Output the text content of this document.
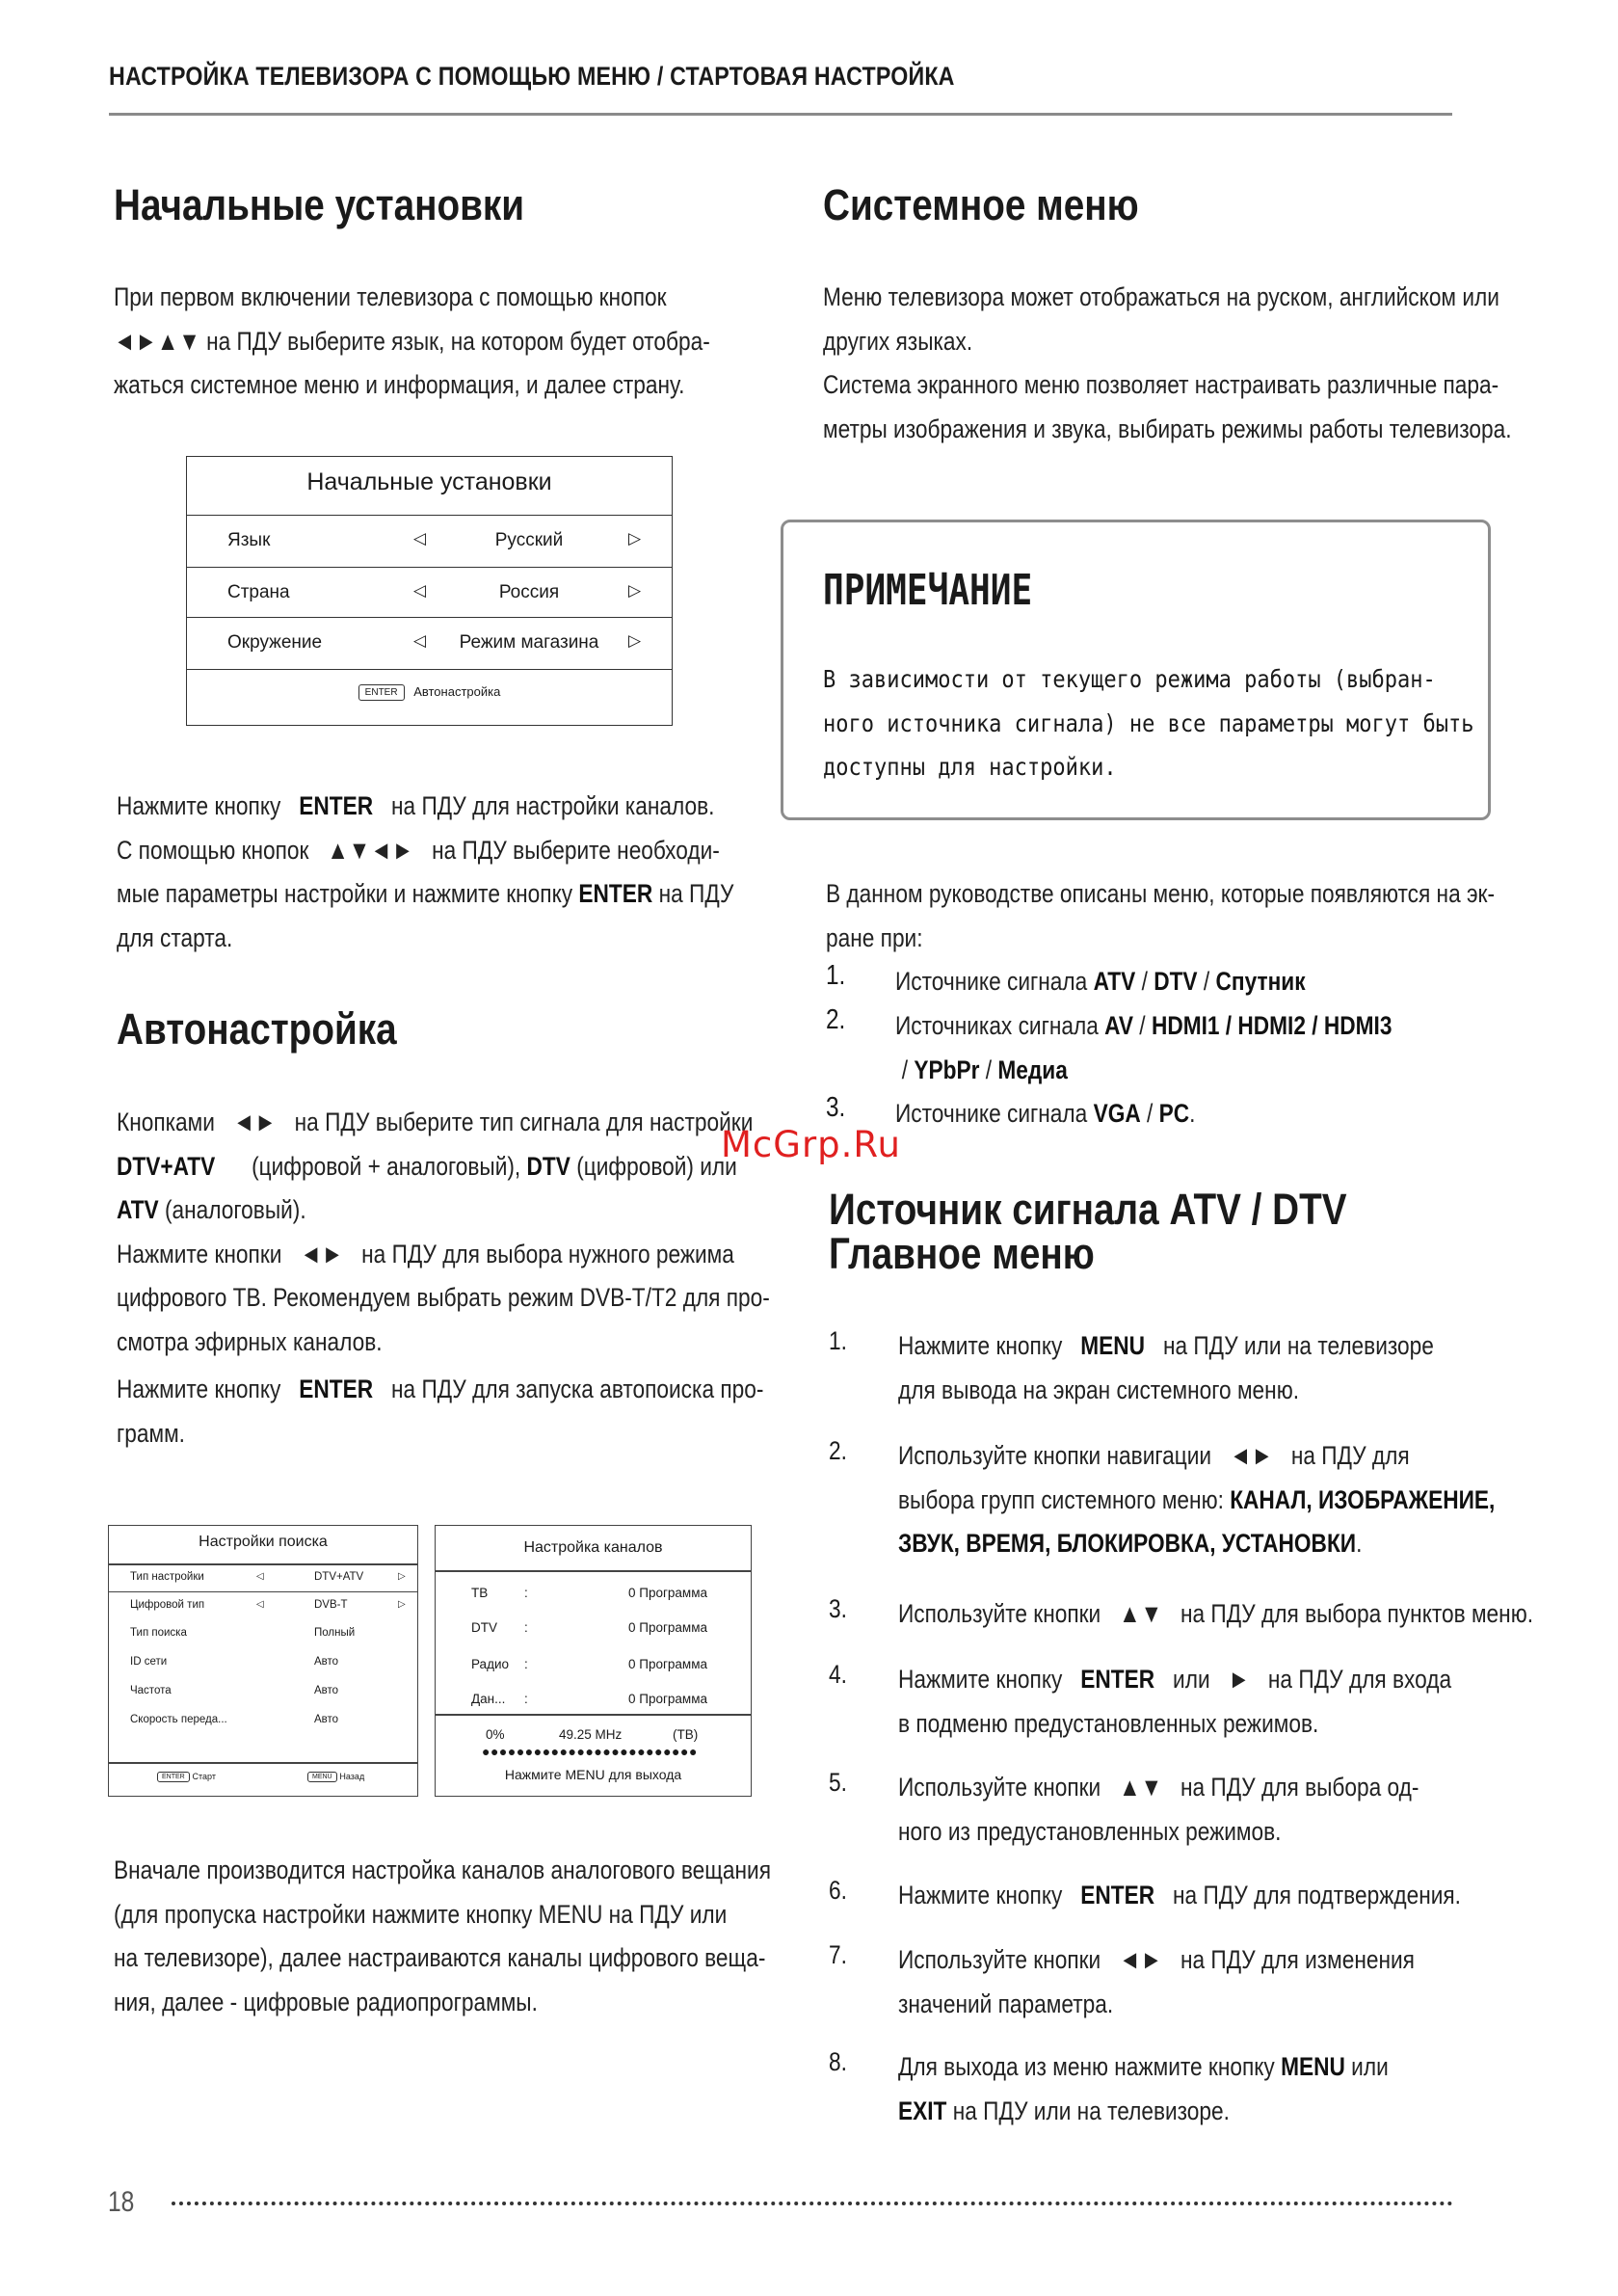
НАСТРОЙКА ТЕЛЕВИЗОРА С ПОМОЩЬЮ МЕНЮ / СТАРТОВАЯ НАСТРОЙКА
Начальные установки
При первом включении телевизора с помощью кнопок
◄►▲▼ на ПДУ выберите язык, на котором будет отобра-
жаться системное меню и информация, и далее страну.
Начальные установки
Язык	◁	Русский	▷
Страна	◁	Россия	▷
Окружение	◁	Режим магазина	▷
ENTER Автонастройка
Нажмите кнопку ENTER на ПДУ для настройки каналов.
С помощью кнопок ▲▼◄► на ПДУ выберите необходи-
мые параметры настройки и нажмите кнопку ENTER на ПДУ
для старта.
Автонастройка
Кнопками ◄► на ПДУ выберите тип сигнала для настройки
DTV+ATV (цифровой + аналоговый), DTV (цифровой) или
ATV (аналоговый).
Нажмите кнопки ◄► на ПДУ для выбора нужного режима
цифрового ТВ. Рекомендуем выбрать режим DVB-T/T2 для про-
смотра эфирных каналов.
Нажмите кнопку ENTER на ПДУ для запуска автопоиска про-
грамм.
Настройки поиска
Тип настройки	◁	DTV+ATV	▷
Цифровой тип	◁	DVB-T	▷
Тип поиска	Полный
ID сети	Авто
Частота	Авто
Скорость переда...	Авто
ENTER Старт	MENU Назад
Настройка каналов
ТВ	:	0 Программа
DTV :	0 Программа
Радио :	0 Программа
Дан... :	0 Программа
0%	49.25 MHz	(ТВ)
●●●●●●●●●●●●●●●●●●●●●●●●●
Нажмите MENU для выхода
Вначале производится настройка каналов аналогового вещания
(для пропуска настройки нажмите кнопку MENU на ПДУ или
на телевизоре), далее настраиваются каналы цифрового веща-
ния, далее - цифровые радиопрограммы.
Системное меню
Меню телевизора может отображаться на руском, английском или
других языках.
Система экранного меню позволяет настраивать различные пара-
метры изображения и звука, выбирать режимы работы телевизора.
ПРИМЕЧАНИЕ
В зависимости от текущего режима работы (выбран-
ного источника сигнала) не все параметры могут быть
доступны для настройки.
В данном руководстве описаны меню, которые появляются на эк-
ране при:
1. Источнике сигнала ATV / DTV / Спутник
2. Источниках сигнала AV / HDMI1 / HDMI2 / HDMI3
/ YPbPr / Медиа
3. Источнике сигнала VGA / PC.
McGrp.Ru
Источник сигнала ATV / DTV
Главное меню
1. Нажмите кнопку MENU на ПДУ или на телевизоре
для вывода на экран системного меню.
2. Используйте кнопки навигации ◄► на ПДУ для
выбора групп системного меню: КАНАЛ, ИЗОБРАЖЕНИЕ,
ЗВУК, ВРЕМЯ, БЛОКИРОВКА, УСТАНОВКИ.
3. Используйте кнопки ▲▼ на ПДУ для выбора пунктов меню.
4. Нажмите кнопку ENTER или ► на ПДУ для входа
в подменю предустановленных режимов.
5. Используйте кнопки ▲▼ на ПДУ для выбора од-
ного из предустановленных режимов.
6. Нажмите кнопку ENTER на ПДУ для подтверждения.
7. Используйте кнопки ◄► на ПДУ для изменения
значений параметра.
8. Для выхода из меню нажмите кнопку MENU или
EXIT на ПДУ или на телевизоре.
18
